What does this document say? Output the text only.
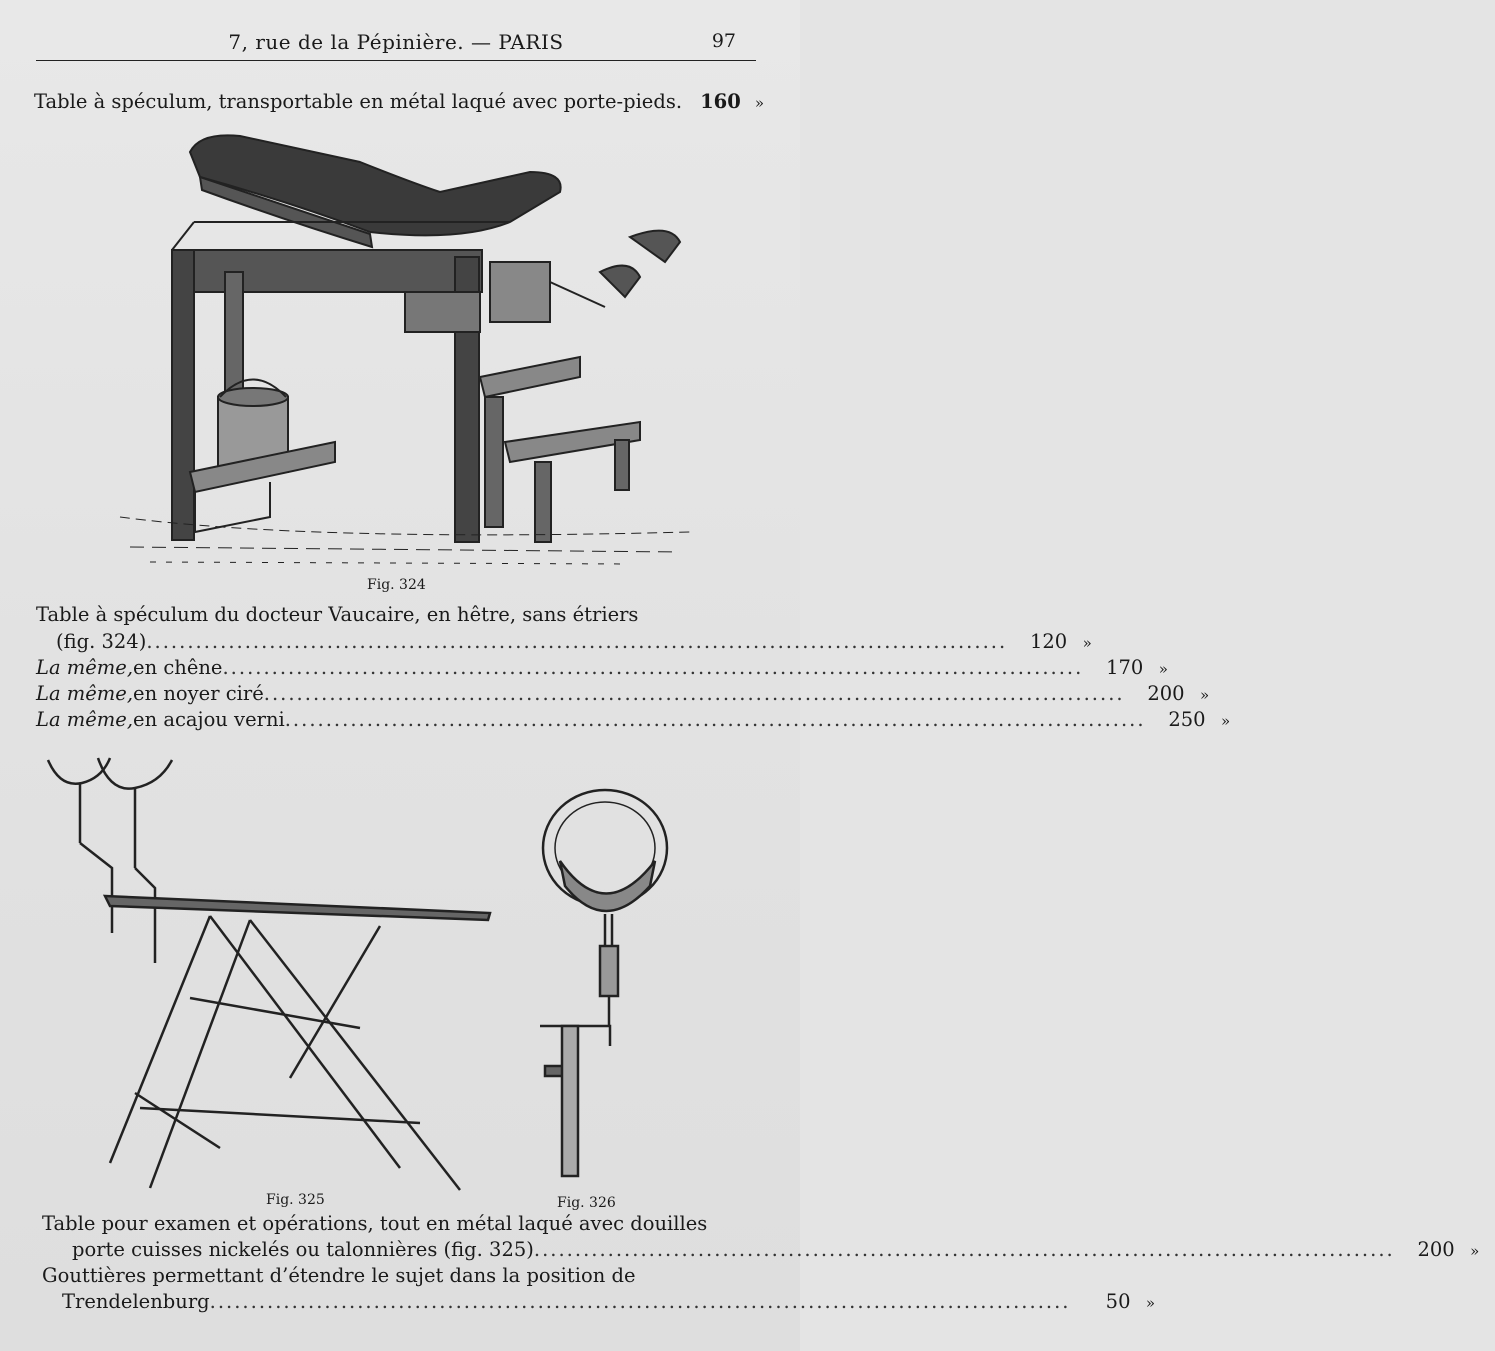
7, rue de la Pépinière. — PARIS	97
Table à spéculum, transportable en métal laqué avec porte-pieds. 160 »
Fig. 324
Table à spéculum du docteur Vaucaire, en hêtre, sans étriers
(fig. 324) .........................................................................................................	120	»
La même, en chêne .........................................................................................................	170	»
La même, en noyer ciré .........................................................................................................	200	»
La même, en acajou verni .........................................................................................................	250	»
Fig. 325	Fig. 326
Table pour examen et opérations, tout en métal laqué avec douilles
porte cuisses nickelés ou talonnières (fig. 325) .........................................................................................................	200	»
Gouttières permettant d’étendre le sujet dans la position de
Trendelenburg .........................................................................................................	50	»
